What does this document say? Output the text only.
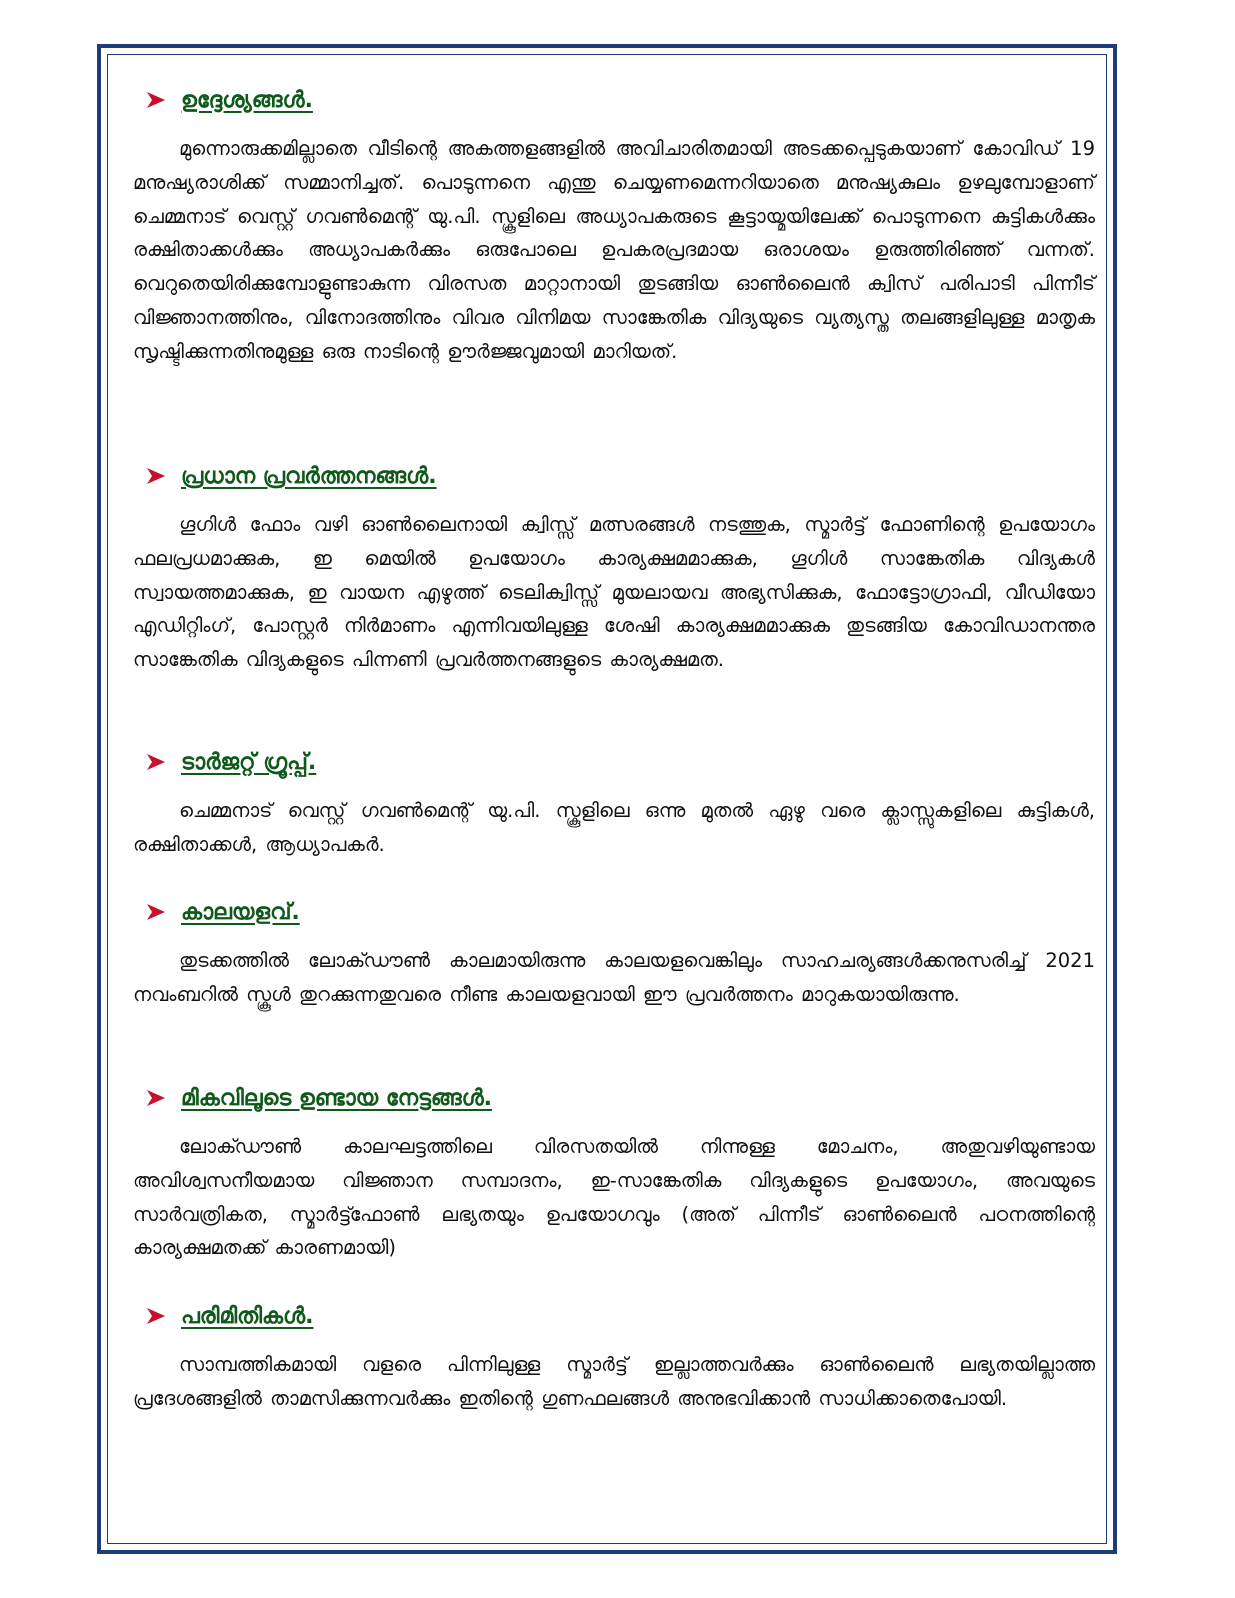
ഉദ്ദേശ്യങ്ങൾ.

മുന്നൊരുക്കമില്ലാതെ വീടിന്റെ അകത്തളങ്ങളിൽ അവിചാരിതമായി അടക്കപ്പെടുകയാണ് കോവിഡ് 19 മനുഷ്യരാശിക്ക് സമ്മാനിച്ചത്. പൊടുന്നനെ എന്തു ചെയ്യണമെന്നറിയാതെ മനുഷ്യകുലം ഉഴലുമ്പോളാണ് ചെമ്മനാട് വെസ്റ്റ് ഗവൺമെന്റ് യു.പി. സ്കൂളിലെ അധ്യാപകരുടെ കൂട്ടായ്മയിലേക്ക് പൊടുന്നനെ കുട്ടികൾക്കും രക്ഷിതാക്കൾക്കും അധ്യാപകർക്കും ഒരുപോലെ ഉപകരപ്രദമായ ഒരാശയം ഉരുത്തിരിഞ്ഞ് വന്നത്. വെറുതെയിരിക്കുമ്പോളുണ്ടാകുന്ന വിരസത മാറ്റാനായി തുടങ്ങിയ ഓൺലൈൻ ക്വിസ് പരിപാടി പിന്നീട് വിജ്ഞാനത്തിനും, വിനോദത്തിനും വിവര വിനിമയ സാങ്കേതിക വിദ്യയുടെ വ്യത്യസ്ത തലങ്ങളിലുള്ള മാതൃക സൃഷ്ടിക്കുന്നതിനുമുള്ള ഒരു നാടിന്റെ ഊർജ്ജവുമായി മാറിയത്.

പ്രധാന പ്രവർത്തനങ്ങൾ.

ഗൂഗിൾ ഫോം വഴി ഓൺലൈനായി ക്വിസ്സ് മത്സരങ്ങൾ നടത്തുക, സ്മാർട്ട് ഫോണിന്റെ ഉപയോഗം ഫലപ്രധമാക്കുക, ഇ മെയിൽ ഉപയോഗം കാര്യക്ഷമമാക്കുക, ഗൂഗിൾ സാങ്കേതിക വിദ്യകൾ സ്വായത്തമാക്കുക, ഇ വായന എഴുത്ത് ടെലിക്വിസ്സ് മുയലായവ അഭ്യസിക്കുക, ഫോട്ടോഗ്രാഫി, വീഡിയോ എഡിറ്റിംഗ്, പോസ്റ്റർ നിർമാണം എന്നിവയിലുള്ള ശേഷി കാര്യക്ഷമമാക്കുക തുടങ്ങിയ കോവിഡാനന്തര സാങ്കേതിക വിദ്യകളുടെ പിന്നണി പ്രവർത്തനങ്ങളുടെ കാര്യക്ഷമത.

ടാർജറ്റ് ഗ്രൂപ്പ്.

ചെമ്മനാട് വെസ്റ്റ് ഗവൺമെന്റ് യു.പി. സ്കൂളിലെ ഒന്നു മുതൽ ഏഴു വരെ ക്ലാസ്സുകളിലെ കുട്ടികൾ, രക്ഷിതാക്കൾ, ആധ്യാപകർ.

കാലയളവ്.

തുടക്കത്തിൽ ലോക്ഡൗൺ കാലമായിരുന്നു കാലയളവെങ്കിലും സാഹചര്യങ്ങൾക്കനുസരിച്ച് 2021 നവംബറിൽ സ്കൂൾ തുറക്കുന്നതുവരെ നീണ്ട കാലയളവായി ഈ പ്രവർത്തനം മാറുകയായിരുന്നു.

മികവിലൂടെ ഉണ്ടായ നേട്ടങ്ങൾ.

ലോക്ഡൗൺ കാലഘട്ടത്തിലെ വിരസതയിൽ നിന്നുള്ള മോചനം, അതുവഴിയുണ്ടായ അവിശ്വസനീയമായ വിജ്ഞാന സമ്പാദനം, ഇ-സാങ്കേതിക വിദ്യകളുടെ ഉപയോഗം, അവയുടെ സാർവത്രികത, സ്മാർട്ട്ഫോൺ ലഭ്യതയും ഉപയോഗവും (അത് പിന്നീട് ഓൺലൈൻ പഠനത്തിന്റെ കാര്യക്ഷമതക്ക് കാരണമായി)

പരിമിതികൾ.

സാമ്പത്തികമായി വളരെ പിന്നിലുള്ള സ്മാർട്ട് ഇല്ലാത്തവർക്കും ഓൺലൈൻ ലഭ്യതയില്ലാത്ത പ്രദേശങ്ങളിൽ താമസിക്കുന്നവർക്കും ഇതിന്റെ ഗുണഫലങ്ങൾ അനുഭവിക്കാൻ സാധിക്കാതെപോയി.
